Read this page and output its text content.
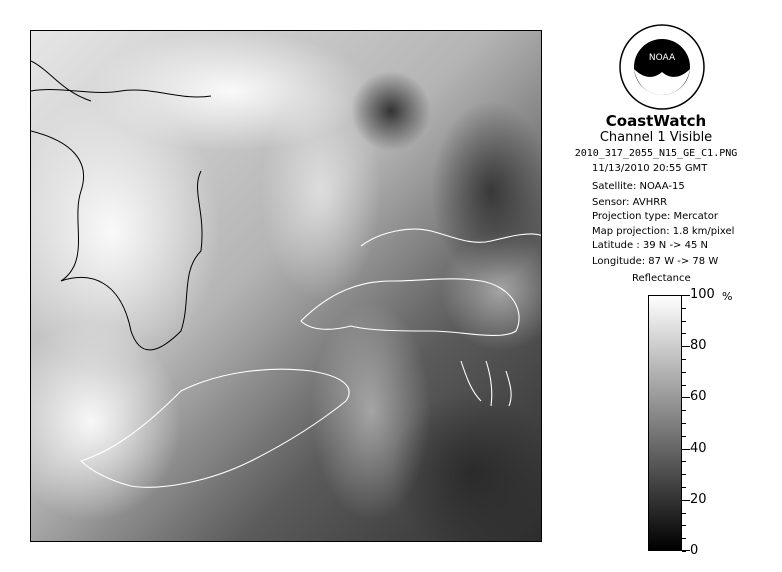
NOAA
CoastWatch
Channel 1 Visible
2010_317_2055_N15_GE_C1.PNG
11/13/2010 20:55 GMT
Satellite: NOAA-15
Sensor: AVHRR
Projection type: Mercator
Map projection: 1.8 km/pixel
Latitude : 39 N -> 45 N
Longitude: 87 W -> 78 W
Reflectance
%
100
80
60
40
20
0
